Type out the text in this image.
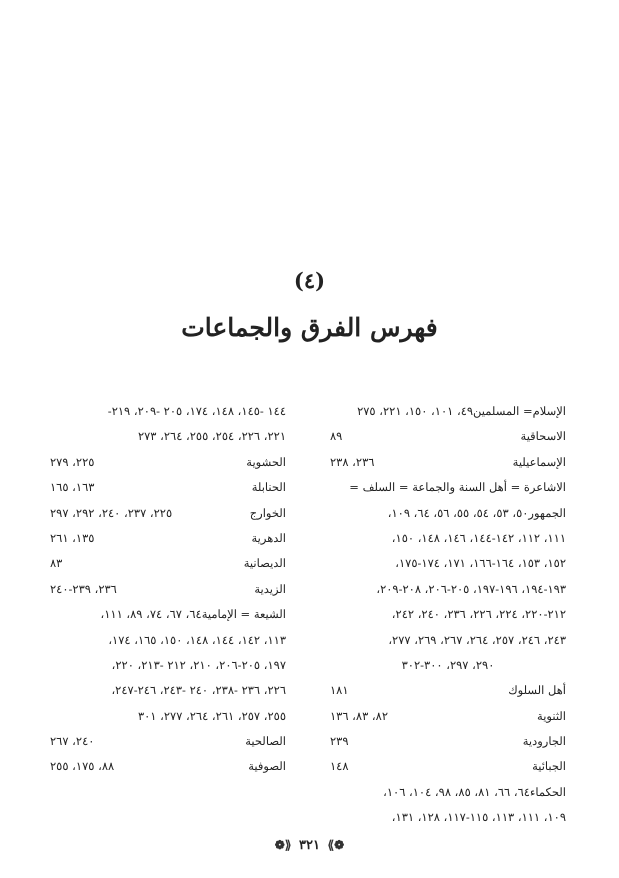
(٤)
فهرس الفرق والجماعات
الإسلام= المسلمين٤٩، ١٠١، ١٥٠، ٢٢١، ٢٧٥
الاسحاقية
٨٩
الإسماعيلية
٢٣٦، ٢٣٨
الاشاعرة = أهل السنة والجماعة = السلف =
الجمهور٥٠، ٥٣، ٥٤، ٥٥، ٥٦، ٦٤، ١٠٩،
١١١، ١١٢، ١٤٢-١٤٤، ١٤٦، ١٤٨، ١٥٠،
١٥٢، ١٥٣، ١٦٤-١٦٦، ١٧١، ١٧٤-١٧٥،
١٩٣-١٩٤، ١٩٦-١٩٧، ٢٠٥-٢٠٦، ٢٠٨-٢٠٩،
٢١٢-٢٢٠، ٢٢٤، ٢٢٦، ٢٣٦، ٢٤٠، ٢٤٢،
٢٤٣، ٢٤٦، ٢٥٧، ٢٦٤، ٢٦٧، ٢٦٩، ٢٧٧،
٢٩٠، ٢٩٧، ٣٠٠-٣٠٢
أهل السلوك
١٨١
الثنوية
٨٢، ٨٣، ١٣٦
الجارودية
٢٣٩
الجبائية
١٤٨
الحكماء٦٤، ٦٦، ٨١، ٨٥، ٩٨، ١٠٤، ١٠٦،
١٠٩، ١١١، ١١٣، ١١٥-١١٧، ١٢٨، ١٣١،
١٤٤ -١٤٥، ١٤٨، ١٧٤، ٢٠٥ -٢٠٩، ٢١٩-
٢٢١، ٢٢٦، ٢٥٤، ٢٥٥، ٢٦٤، ٢٧٣
الحشوية
٢٢٥، ٢٧٩
الحنابلة
١٦٣، ١٦٥
الخوارج
٢٢٥، ٢٣٧، ٢٤٠، ٢٩٢، ٢٩٧
الدهرية
١٣٥، ٢٦١
الديصانية
٨٣
الزيدية
٢٣٦، ٢٣٩-٢٤٠
الشيعة = الإمامية٦٤، ٦٧، ٧٤، ٨٩، ١١١،
١١٣، ١٤٢، ١٤٤، ١٤٨، ١٥٠، ١٦٥، ١٧٤،
١٩٧، ٢٠٥-٢٠٦، ٢١٠، ٢١٢ -٢١٣، ٢٢٠،
٢٢٦، ٢٣٦ -٢٣٨، ٢٤٠ -٢٤٣، ٢٤٦-٢٤٧،
٢٥٥، ٢٥٧، ٢٦١، ٢٦٤، ٢٧٧، ٣٠١
الصالحية
٢٤٠، ٢٦٧
الصوفية
٨٨، ١٧٥، ٢٥٥
❁⟫ ٣٢١ ⟪❁
